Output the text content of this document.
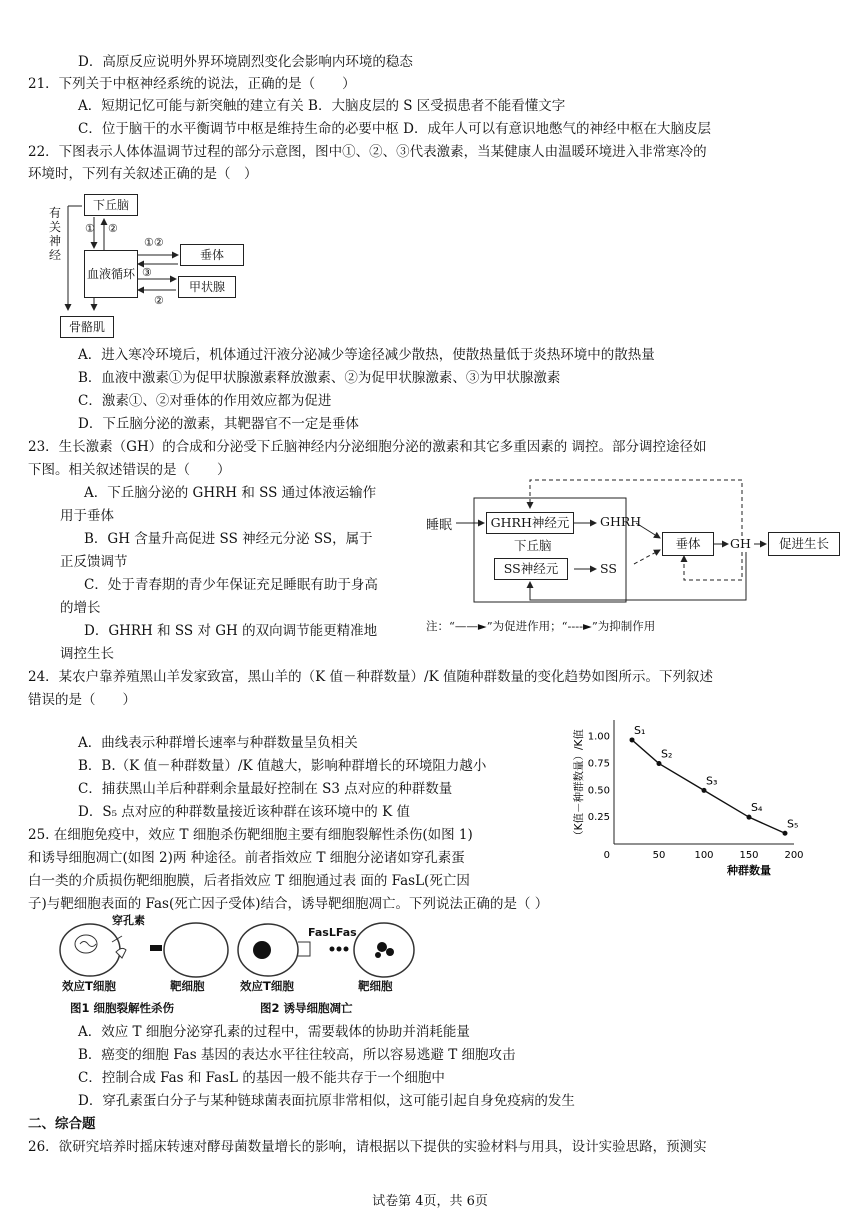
D．高原反应说明外界环境剧烈变化会影响内环境的稳态
21．下列关于中枢神经系统的说法，正确的是（　　）
A．短期记忆可能与新突触的建立有关 B．大脑皮层的 S 区受损患者不能看懂文字
C．位于脑干的水平衡调节中枢是维持生命的必要中枢 D．成年人可以有意识地憋气的神经中枢在大脑皮层
22．下图表示人体体温调节过程的部分示意图，图中①、②、③代表激素，当某健康人由温暖环境进入非常寒冷的
环境时，下列有关叙述正确的是（　）
下丘脑
血液循环
垂体
甲状腺
骨骼肌
有关神经
① ②
①②
③
②
A．进入寒冷环境后，机体通过汗液分泌减少等途径减少散热，使散热量低于炎热环境中的散热量
B．血液中激素①为促甲状腺激素释放激素、②为促甲状腺激素、③为甲状腺激素
C．激素①、②对垂体的作用效应都为促进
D．下丘脑分泌的激素，其靶器官不一定是垂体
23．生长激素（GH）的合成和分泌受下丘脑神经内分泌细胞分泌的激素和其它多重因素的 调控。部分调控途径如
下图。相关叙述错误的是（　　）
A．下丘脑分泌的 GHRH 和 SS 通过体液运输作
用于垂体
B．GH 含量升高促进 SS 神经元分泌 SS，属于
正反馈调节
C．处于青春期的青少年保证充足睡眠有助于身高
的增长
D．GHRH 和 SS 对 GH 的双向调节能更精准地
调控生长
睡眠	GHRH神经元
下丘脑
SS神经元
GHRH
SS
垂体	GH	促进生长
注：“——►”为促进作用；“----►”为抑制作用
24．某农户靠养殖黑山羊发家致富，黑山羊的（K 值－种群数量）/K 值随种群数量的变化趋势如图所示。下列叙述
错误的是（　　）
A．曲线表示种群增长速率与种群数量呈负相关
B．B.（K 值－种群数量）/K 值越大，影响种群增长的环境阻力越小
C．捕获黑山羊后种群剩余量最好控制在 S3 点对应的种群数量
D．S₅ 点对应的种群数量接近该种群在该环境中的 K 值
0	50	100	150	200
0.25
0.50
0.75
1.00
S₁
S₂
S₃
S₄
S₅
种群数量
（K值－种群数量）/K值
25. 在细胞免疫中，效应 T 细胞杀伤靶细胞主要有细胞裂解性杀伤(如图 1)
和诱导细胞凋亡(如图 2)两 种途径。前者指效应 T 细胞分泌诸如穿孔素蛋
白一类的介质损伤靶细胞膜，后者指效应 T 细胞通过表 面的 FasL(死亡因
子)与靶细胞表面的 Fas(死亡因子受体)结合，诱导靶细胞凋亡。下列说法正确的是（ ）
穿孔素
FasLFas
效应T细胞	靶细胞	效应T细胞	靶细胞
图1 细胞裂解性杀伤	图2 诱导细胞凋亡
A．效应 T 细胞分泌穿孔素的过程中，需要载体的协助并消耗能量
B．癌变的细胞 Fas 基因的表达水平往往较高，所以容易逃避 T 细胞攻击
C．控制合成 Fas 和 FasL 的基因一般不能共存于一个细胞中
D．穿孔素蛋白分子与某种链球菌表面抗原非常相似，这可能引起自身免疫病的发生
二、综合题
26．欲研究培养时摇床转速对酵母菌数量增长的影响，请根据以下提供的实验材料与用具，设计实验思路，预测实
试卷第 4页，共 6页
